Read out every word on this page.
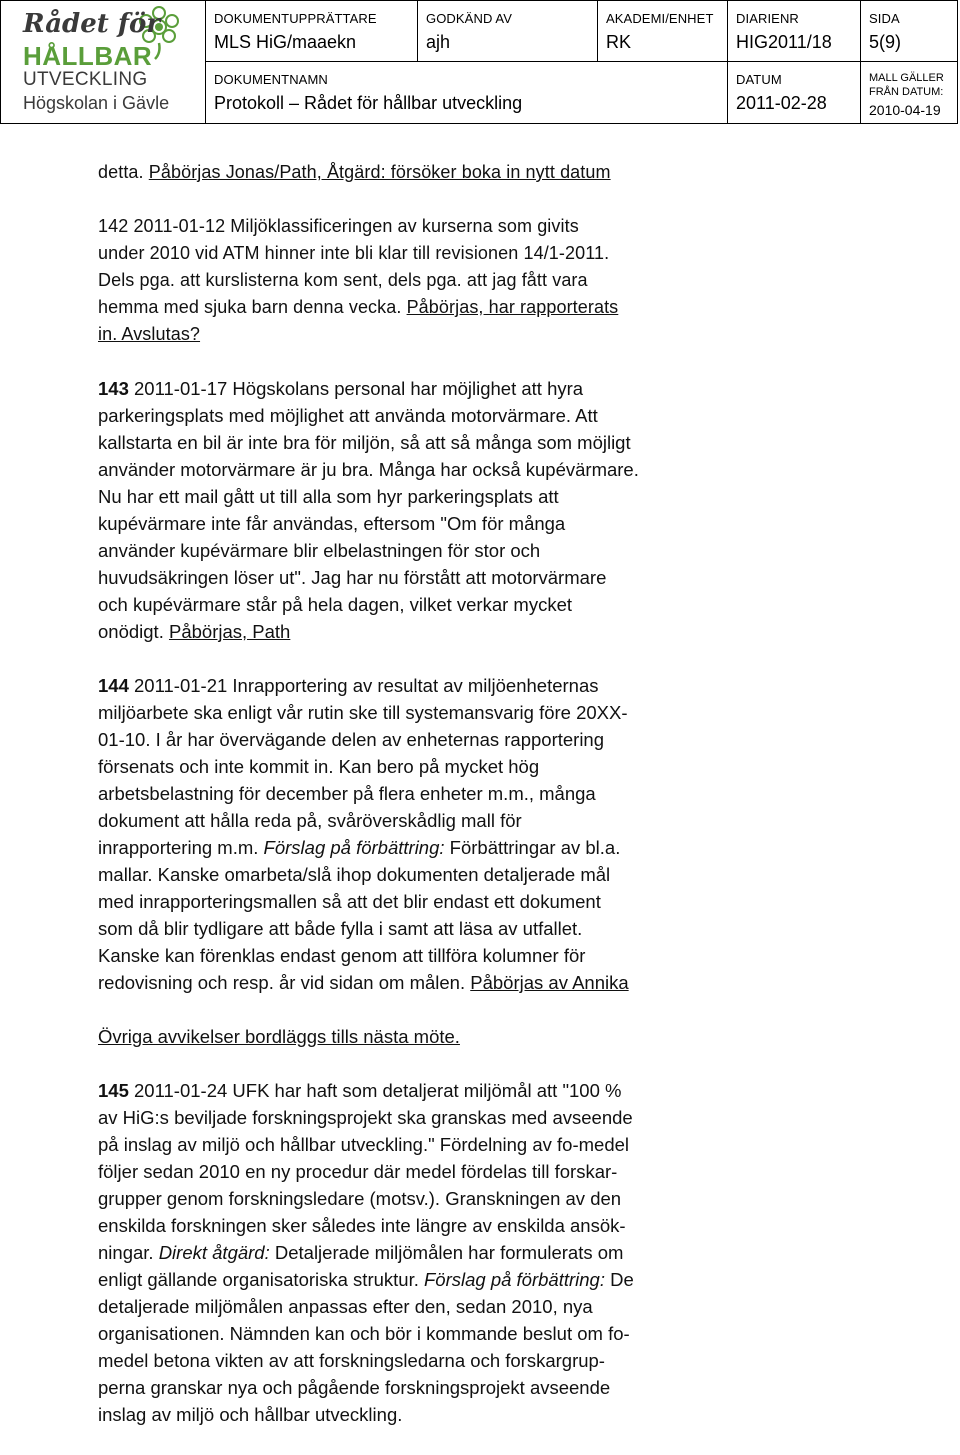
Rådet för
HÅLLBAR
UTVECKLING
Högskolan i Gävle
DOKUMENTUPPRÄTTARE
MLS HiG/maaekn
GODKÄND AV
ajh
AKADEMI/ENHET
RK
DIARIENR
HIG2011/18
SIDA
5(9)
DOKUMENTNAMN
Protokoll – Rådet för hållbar utveckling
DATUM
2011-02-28
MALL GÄLLER
FRÅN DATUM:
2010-04-19
detta. Påbörjas Jonas/Path, Åtgärd: försöker boka in nytt datum
142 2011-01-12 Miljöklassificeringen av kurserna som givits
under 2010 vid ATM hinner inte bli klar till revisionen 14/1-2011.
Dels pga. att kurslisterna kom sent, dels pga. att jag fått vara
hemma med sjuka barn denna vecka. Påbörjas, har rapporterats
in. Avslutas?
143 2011-01-17 Högskolans personal har möjlighet att hyra
parkeringsplats med möjlighet att använda motorvärmare. Att
kallstarta en bil är inte bra för miljön, så att så många som möjligt
använder motorvärmare är ju bra. Många har också kupévärmare.
Nu har ett mail gått ut till alla som hyr parkeringsplats att
kupévärmare inte får användas, eftersom "Om för många
använder kupévärmare blir elbelastningen för stor och
huvudsäkringen löser ut". Jag har nu förstått att motorvärmare
och kupévärmare står på hela dagen, vilket verkar mycket
onödigt. Påbörjas, Path
144 2011-01-21 Inrapportering av resultat av miljöenheternas
miljöarbete ska enligt vår rutin ske till systemansvarig före 20XX-
01-10. I år har övervägande delen av enheternas rapportering
försenats och inte kommit in. Kan bero på mycket hög
arbetsbelastning för december på flera enheter m.m., många
dokument att hålla reda på, svåröverskådlig mall för
inrapportering m.m. Förslag på förbättring: Förbättringar av bl.a.
mallar. Kanske omarbeta/slå ihop dokumenten detaljerade mål
med inrapporteringsmallen så att det blir endast ett dokument
som då blir tydligare att både fylla i samt att läsa av utfallet.
Kanske kan förenklas endast genom att tillföra kolumner för
redovisning och resp. år vid sidan om målen. Påbörjas av Annika
Övriga avvikelser bordläggs tills nästa möte.
145 2011-01-24 UFK har haft som detaljerat miljömål att "100 %
av HiG:s beviljade forskningsprojekt ska granskas med avseende
på inslag av miljö och hållbar utveckling." Fördelning av fo-medel
följer sedan 2010 en ny procedur där medel fördelas till forskar-
grupper genom forskningsledare (motsv.). Granskningen av den
enskilda forskningen sker således inte längre av enskilda ansök-
ningar. Direkt åtgärd: Detaljerade miljömålen har formulerats om
enligt gällande organisatoriska struktur. Förslag på förbättring: De
detaljerade miljömålen anpassas efter den, sedan 2010, nya
organisationen. Nämnden kan och bör i kommande beslut om fo-
medel betona vikten av att forskningsledarna och forskargrup-
perna granskar nya och pågående forskningsprojekt avseende
inslag av miljö och hållbar utveckling.
